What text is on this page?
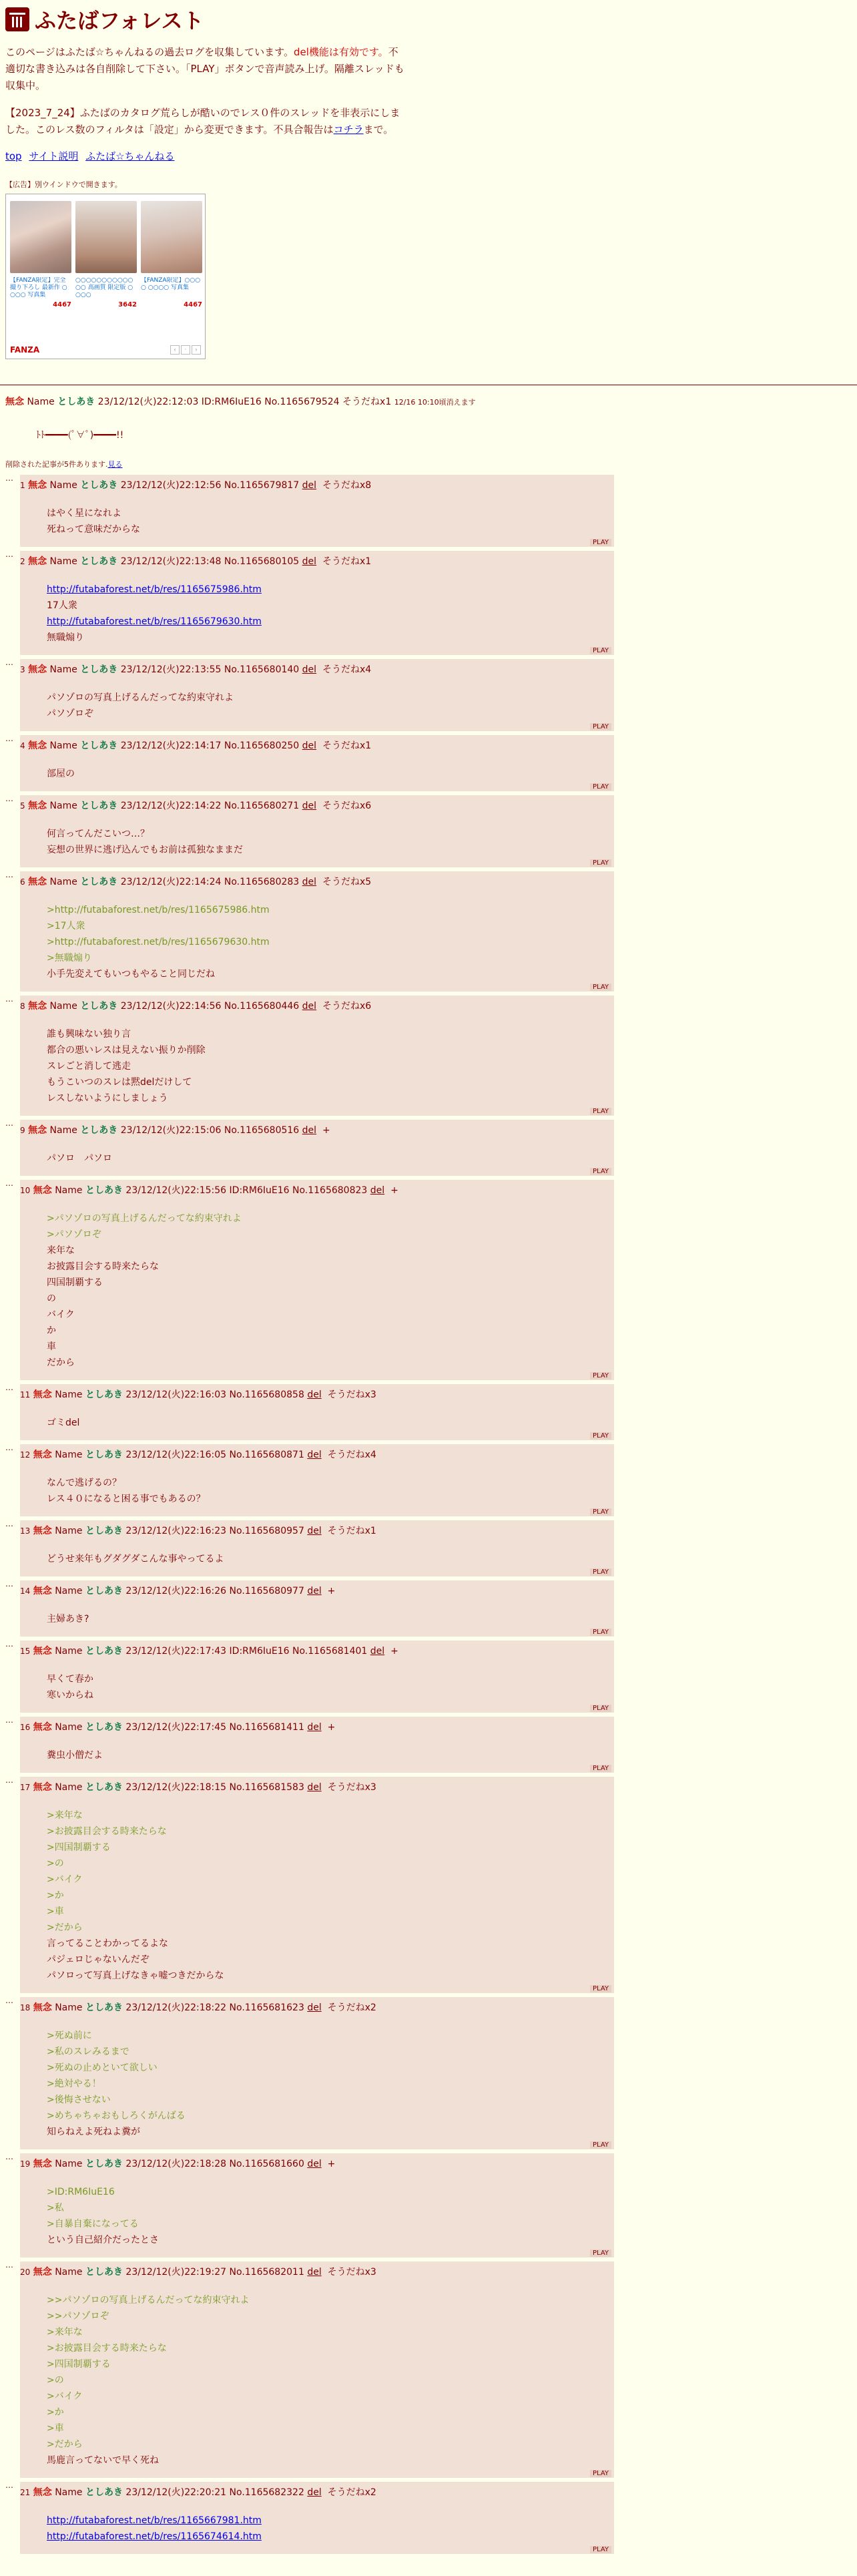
ふたばフォレスト

このページはふたば☆ちゃんねるの過去ログを収集しています。del機能は有効です。不適切な書き込みは各自削除して下さい。「PLAY」ボタンで音声読み上げ。隔離スレッドも収集中。

【2023_7_24】ふたばのカタログ荒らしが酷いのでレス０件のスレッドを非表示にしました。このレス数のフィルタは「設定」から変更できます。不具合報告はコチラまで。

top サイト説明 ふたば☆ちゃんねる
【広告】別ウインドウで開きます。
【FANZA限定】完全撮り下ろし 最新作 ○○○○ 写真集
4467
○○○○○○○○○○○○○ 高画質 限定版 ○○○○
3642
【FANZA限定】○○○○ ○○○○ 写真集
4467
FANZA	‹	·	›
無念 Name としあき 23/12/12(火)22:12:03 ID:RM6IuE16 No.1165679524 そうだねx1 12/16 10:10頃消えます
ﾄﾄ━━━━(ﾟ∀ﾟ)━━━━!!
削除された記事が5件あります.見る
…
1 無念 Name としあき 23/12/12(火)22:12:56 No.1165679817 del そうだねx8
はやく星になれよ
死ねって意味だからな
PLAY
…
2 無念 Name としあき 23/12/12(火)22:13:48 No.1165680105 del そうだねx1
http://futabaforest.net/b/res/1165675986.htm
17人衆
http://futabaforest.net/b/res/1165679630.htm
無職煽り
PLAY
…
3 無念 Name としあき 23/12/12(火)22:13:55 No.1165680140 del そうだねx4
パソゾロの写真上げるんだってな約束守れよ
パソゾロぞ
PLAY
…
4 無念 Name としあき 23/12/12(火)22:14:17 No.1165680250 del そうだねx1
部屋の
PLAY
…
5 無念 Name としあき 23/12/12(火)22:14:22 No.1165680271 del そうだねx6
何言ってんだこいつ…？
妄想の世界に逃げ込んでもお前は孤独なままだ
PLAY
…
6 無念 Name としあき 23/12/12(火)22:14:24 No.1165680283 del そうだねx5
>http://futabaforest.net/b/res/1165675986.htm
>17人衆
>http://futabaforest.net/b/res/1165679630.htm
>無職煽り
小手先変えてもいつもやること同じだね
PLAY
…
8 無念 Name としあき 23/12/12(火)22:14:56 No.1165680446 del そうだねx6
誰も興味ない独り言
都合の悪いレスは見えない振りか削除
スレごと消して逃走
もうこいつのスレは黙delだけして
レスしないようにしましょう
PLAY
…
9 無念 Name としあき 23/12/12(火)22:15:06 No.1165680516 del +
パソロ　パソロ
PLAY
…
10 無念 Name としあき 23/12/12(火)22:15:56 ID:RM6IuE16 No.1165680823 del +
>パソゾロの写真上げるんだってな約束守れよ
>パソゾロぞ
来年な
お披露目会する時来たらな
四国制覇する
の
バイク
か
車
だから
PLAY
…
11 無念 Name としあき 23/12/12(火)22:16:03 No.1165680858 del そうだねx3
ゴミdel
PLAY
…
12 無念 Name としあき 23/12/12(火)22:16:05 No.1165680871 del そうだねx4
なんで逃げるの？
レス４０になると困る事でもあるの？
PLAY
…
13 無念 Name としあき 23/12/12(火)22:16:23 No.1165680957 del そうだねx1
どうせ来年もグダグダこんな事やってるよ
PLAY
…
14 無念 Name としあき 23/12/12(火)22:16:26 No.1165680977 del +
主婦あき?
PLAY
…
15 無念 Name としあき 23/12/12(火)22:17:43 ID:RM6IuE16 No.1165681401 del +
早くて春か
寒いからね
PLAY
…
16 無念 Name としあき 23/12/12(火)22:17:45 No.1165681411 del +
糞虫小僧だよ
PLAY
…
17 無念 Name としあき 23/12/12(火)22:18:15 No.1165681583 del そうだねx3
>来年な
>お披露目会する時来たらな
>四国制覇する
>の
>バイク
>か
>車
>だから
言ってることわかってるよな
パジェロじゃないんだぞ
パソロって写真上げなきゃ嘘つきだからな
PLAY
…
18 無念 Name としあき 23/12/12(火)22:18:22 No.1165681623 del そうだねx2
>死ぬ前に
>私のスレみるまで
>死ぬの止めといて欲しい
>絶対やる！
>後悔させない
>めちゃちゃおもしろくがんばる
知らねえよ死ねよ糞が
PLAY
…
19 無念 Name としあき 23/12/12(火)22:18:28 No.1165681660 del +
>ID:RM6IuE16
>私
>自暴自棄になってる
という自己紹介だったとさ
PLAY
…
20 無念 Name としあき 23/12/12(火)22:19:27 No.1165682011 del そうだねx3
>>パソゾロの写真上げるんだってな約束守れよ
>>パソゾロぞ
>来年な
>お披露目会する時来たらな
>四国制覇する
>の
>バイク
>か
>車
>だから
馬鹿言ってないで早く死ね
PLAY
…
21 無念 Name としあき 23/12/12(火)22:20:21 No.1165682322 del そうだねx2
http://futabaforest.net/b/res/1165667981.htm
http://futabaforest.net/b/res/1165674614.htm
PLAY
